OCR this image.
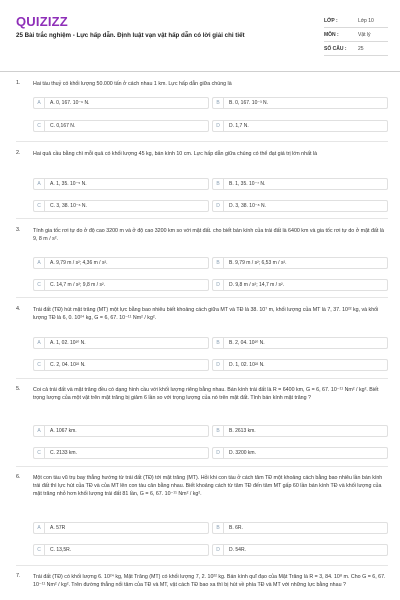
QUIZIZZ
25 Bài trắc nghiệm - Lực hấp dẫn. Định luật vạn vật hấp dẫn có lời giải chi tiết
LỚP :	Lớp 10
MÔN :	Vật lý
SỐ CÂU :	25
1. Hai tàu thuỷ có khối lượng 50.000 tấn ở cách nhau 1 km. Lực hấp dẫn giữa chúng là
A	A. 0, 167. 10⁻⁶ N.	B	B. 0, 167. 10⁻³ N.
C	C. 0,167 N.	D	D. 1,7 N.
2. Hai quả cầu bằng chì mỗi quả có khối lượng 45 kg, bán kính 10 cm. Lực hấp dẫn giữa chúng có thể đạt giá trị lớn nhất là
A	A. 1, 35. 10⁻⁵ N.	B	B. 1, 35. 10⁻⁷ N.
C	C. 3, 38. 10⁻⁶ N.	D	D. 3, 38. 10⁻⁸ N.
3. Tính gia tốc rơi tự do ở độ cao 3200 m và ở độ cao 3200 km so với mặt đất. cho biết bán kính của trái đất là 6400 km và gia tốc rơi tự do ở mặt đất là 9, 8 m / s².
A	A. 9,79 m / s²; 4,36 m / s².	B	B. 9,79 m / s²; 6,53 m / s².
C	C. 14,7 m / s²; 9,8 m / s².	D	D. 9,8 m / s²; 14,7 m / s².
4. Trái đất (TĐ) hút mặt trăng (MT) một lực bằng bao nhiêu biết khoảng cách giữa MT và TĐ là 38. 10⁷ m, khối lượng của MT là 7, 37. 10²² kg, và khối lượng TĐ là 6, 0. 10²⁴ kg, G = 6, 67. 10⁻¹¹ Nm² / kg².
A	A. 1, 02. 10²⁰ N.	B	B. 2, 04. 10²⁰ N.
C	C. 2, 04. 10²² N.	D	D. 1, 02. 10²² N.
5. Coi cả trái đất và mặt trăng đều có dạng hình cầu với khối lượng riêng bằng nhau. Bán kính trái đất là R = 6400 km, G = 6, 67. 10⁻¹¹ Nm² / kg². Biết trọng lượng của một vật trên mặt trăng bị giảm 6 lần so với trọng lượng của nó trên mặt đất. Tính bán kính mặt trăng ?
A	A. 1067 km.	B	B. 2613 km.
C	C. 2133 km.	D	D. 3200 km.
6. Một con tàu vũ trụ bay thẳng hướng từ trái đất (TĐ) tới mặt trăng (MT). Hỏi khi con tàu ở cách tâm TĐ một khoảng cách bằng bao nhiêu lần bán kính trái đất thì lực hút của TĐ và của MT lên con tàu cân bằng nhau. Biết khoảng cách từ tâm TĐ đến tâm MT gấp 60 lần bán kính TĐ và khối lượng của mặt trăng nhỏ hơn khối lượng trái đất 81 lần, G = 6, 67. 10⁻¹¹ Nm² / kg².
A	A. 57R	B	B. 6R.
C	C. 13,5R.	D	D. 54R.
7. Trái đất (TĐ) có khối lượng 6. 10²⁴ kg, Mặt Trăng (MT) có khối lượng 7, 2. 10²² kg. Bán kính quĩ đạo của Mặt Trăng là R = 3, 84. 10⁸ m. Cho G = 6, 67. 10⁻¹¹ Nm² / kg². Trên đường thẳng nối tâm của TĐ và MT, vật cách TĐ bao xa thì bị hút về phía TĐ và MT với những lực bằng nhau ?
